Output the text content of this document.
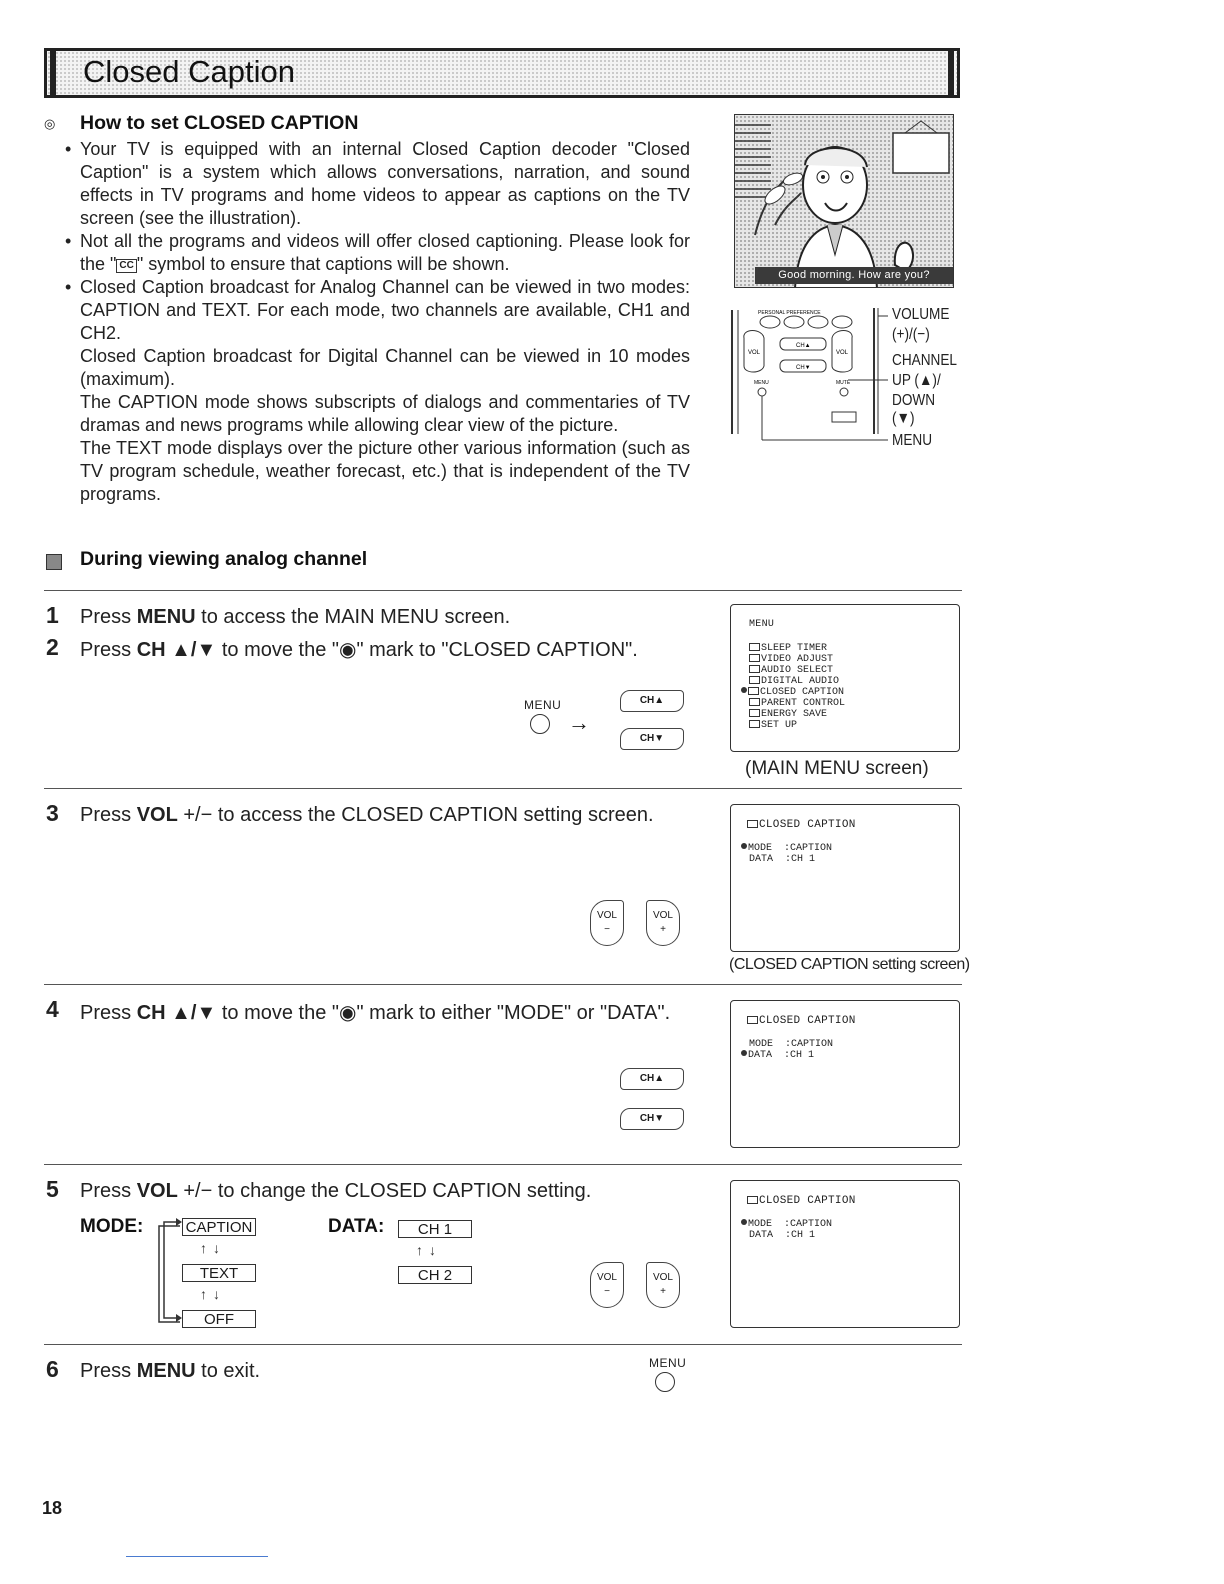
Closed Caption
◎ How to set CLOSED CAPTION
• Your TV is equipped with an internal Closed Caption decoder "Closed Caption" is a system which allows conversations, narration, and sound effects in TV programs and home videos to appear as captions on the TV screen (see the illustration).
• Not all the programs and videos will offer closed captioning. Please look for the " CC " symbol to ensure that captions will be shown.
• Closed Caption broadcast for Analog Channel can be viewed in two modes: CAPTION and TEXT. For each mode, two channels are available, CH1 and CH2.
Closed Caption broadcast for Digital Channel can be viewed in 10 modes (maximum).
The CAPTION mode shows subscripts of dialogs and commentaries of TV dramas and news programs while allowing clear view of the picture.
The TEXT mode displays over the picture other various information (such as TV program schedule, weather forecast, etc.) that is independent of the TV programs.
Good morning. How are you?
PERSONAL PREFERENCE
VOL	VOL
CH▲
CH▼
MENU	MUTE
VOLUME
(+)/(−)
CHANNEL
UP (▲)/
DOWN (▼)
MENU
During viewing analog channel
1 Press MENU to access the MAIN MENU screen.
2 Press CH ▲/▼ to move the "◉" mark to "CLOSED CAPTION".
MENU
→
CH▲
CH▼
MENU
SLEEP TIMER
VIDEO ADJUST
AUDIO SELECT
DIGITAL AUDIO
CLOSED CAPTION
PARENT CONTROL
ENERGY SAVE
SET UP
(MAIN MENU screen)
3 Press VOL +/− to access the CLOSED CAPTION setting screen.
VOL
−
VOL
+
CLOSED CAPTION
MODE  :CAPTION
DATA  :CH 1
(CLOSED CAPTION setting screen)
4 Press CH ▲/▼ to move the "◉" mark to either "MODE" or "DATA".
CH▲
CH▼
CLOSED CAPTION
MODE  :CAPTION
DATA  :CH 1
5 Press VOL +/− to change the CLOSED CAPTION setting.
MODE:	CAPTION
↑↓
TEXT
↑↓
OFF
DATA:	CH 1
↑↓
CH 2	VOL
−
VOL
+
CLOSED CAPTION
MODE  :CAPTION
DATA  :CH 1
6 Press MENU to exit.	MENU
18
